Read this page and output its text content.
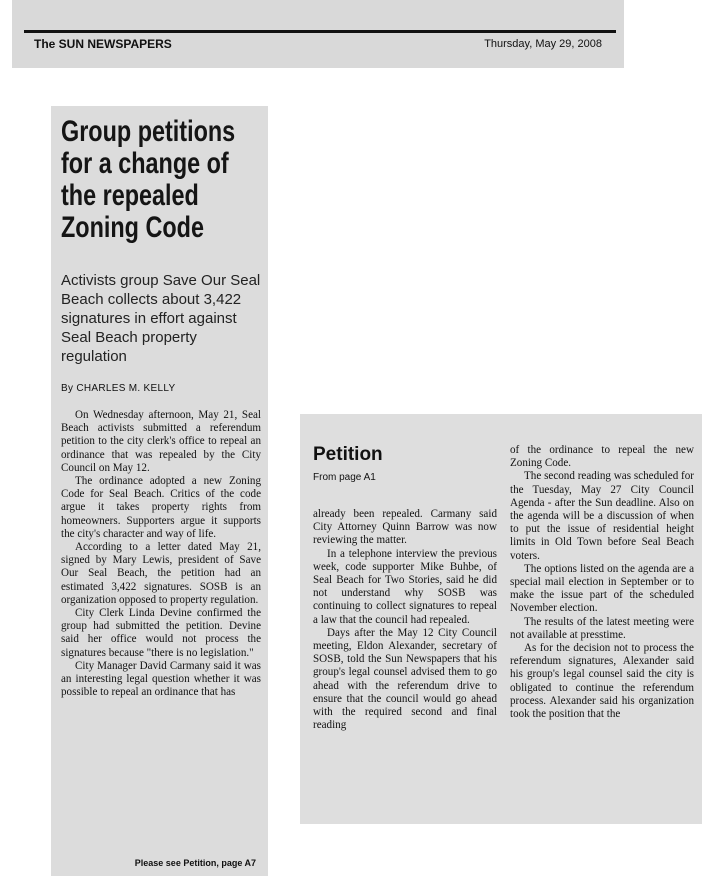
The SUN NEWSPAPERS	Thursday, May 29, 2008
Group petitions for a change of the repealed Zoning Code
Activists group Save Our Seal Beach collects about 3,422 signatures in effort against Seal Beach property regulation
By CHARLES M. KELLY

On Wednesday afternoon, May 21, Seal Beach activists submitted a referendum petition to the city clerk's office to repeal an ordinance that was repealed by the City Council on May 12.

The ordinance adopted a new Zoning Code for Seal Beach. Critics of the code argue it takes property rights from homeowners. Supporters argue it supports the city's character and way of life.

According to a letter dated May 21, signed by Mary Lewis, president of Save Our Seal Beach, the petition had an estimated 3,422 signatures. SOSB is an organization opposed to property regulation.

City Clerk Linda Devine confirmed the group had submitted the petition. Devine said her office would not process the signatures because "there is no legislation."

City Manager David Carmany said it was an interesting legal question whether it was possible to repeal an ordinance that has

Please see Petition, page A7
Petition
From page A1

already been repealed. Carmany said City Attorney Quinn Barrow was now reviewing the matter.

In a telephone interview the previous week, code supporter Mike Buhbe, of Seal Beach for Two Stories, said he did not understand why SOSB was continuing to collect signatures to repeal a law that the council had repealed.

Days after the May 12 City Council meeting, Eldon Alexander, secretary of SOSB, told the Sun Newspapers that his group's legal counsel advised them to go ahead with the referendum drive to ensure that the council would go ahead with the required second and final reading

of the ordinance to repeal the new Zoning Code.

The second reading was scheduled for the Tuesday, May 27 City Council Agenda - after the Sun deadline. Also on the agenda will be a discussion of when to put the issue of residential height limits in Old Town before Seal Beach voters.

The options listed on the agenda are a special mail election in September or to make the issue part of the scheduled November election.

The results of the latest meeting were not available at presstime.

As for the decision not to process the referendum signatures, Alexander said his group's legal counsel said the city is obligated to continue the referendum process. Alexander said his organization took the position that the
